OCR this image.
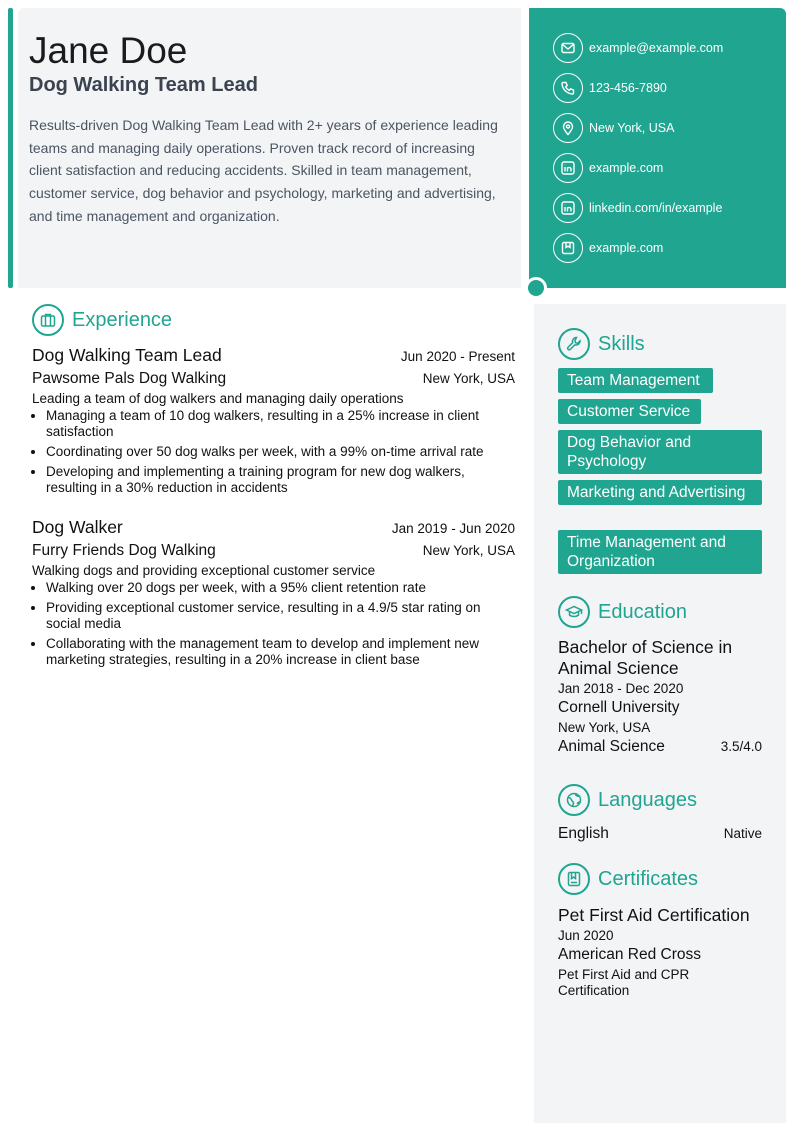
Jane Doe
Dog Walking Team Lead

Results-driven Dog Walking Team Lead with 2+ years of experience leading teams and managing daily operations. Proven track record of increasing client satisfaction and reducing accidents. Skilled in team management, customer service, dog behavior and psychology, marketing and advertising, and time management and organization.

example@example.com
123-456-7890
New York, USA
example.com
linkedin.com/in/example
example.com
Experience
Dog Walking Team Lead	Jun 2020 - Present
Pawsome Pals Dog Walking	New York, USA
Leading a team of dog walkers and managing daily operations
• Managing a team of 10 dog walkers, resulting in a 25% increase in client satisfaction
• Coordinating over 50 dog walks per week, with a 99% on-time arrival rate
• Developing and implementing a training program for new dog walkers, resulting in a 30% reduction in accidents
Dog Walker	Jan 2019 - Jun 2020
Furry Friends Dog Walking	New York, USA
Walking dogs and providing exceptional customer service
• Walking over 20 dogs per week, with a 95% client retention rate
• Providing exceptional customer service, resulting in a 4.9/5 star rating on social media
• Collaborating with the management team to develop and implement new marketing strategies, resulting in a 20% increase in client base
Skills
Team Management
Customer Service
Dog Behavior and Psychology
Marketing and Advertising
Time Management and Organization
Education
Bachelor of Science in Animal Science
Jan 2018 - Dec 2020
Cornell University
New York, USA
Animal Science	3.5/4.0
Languages
English	Native
Certificates
Pet First Aid Certification
Jun 2020
American Red Cross
Pet First Aid and CPR Certification
